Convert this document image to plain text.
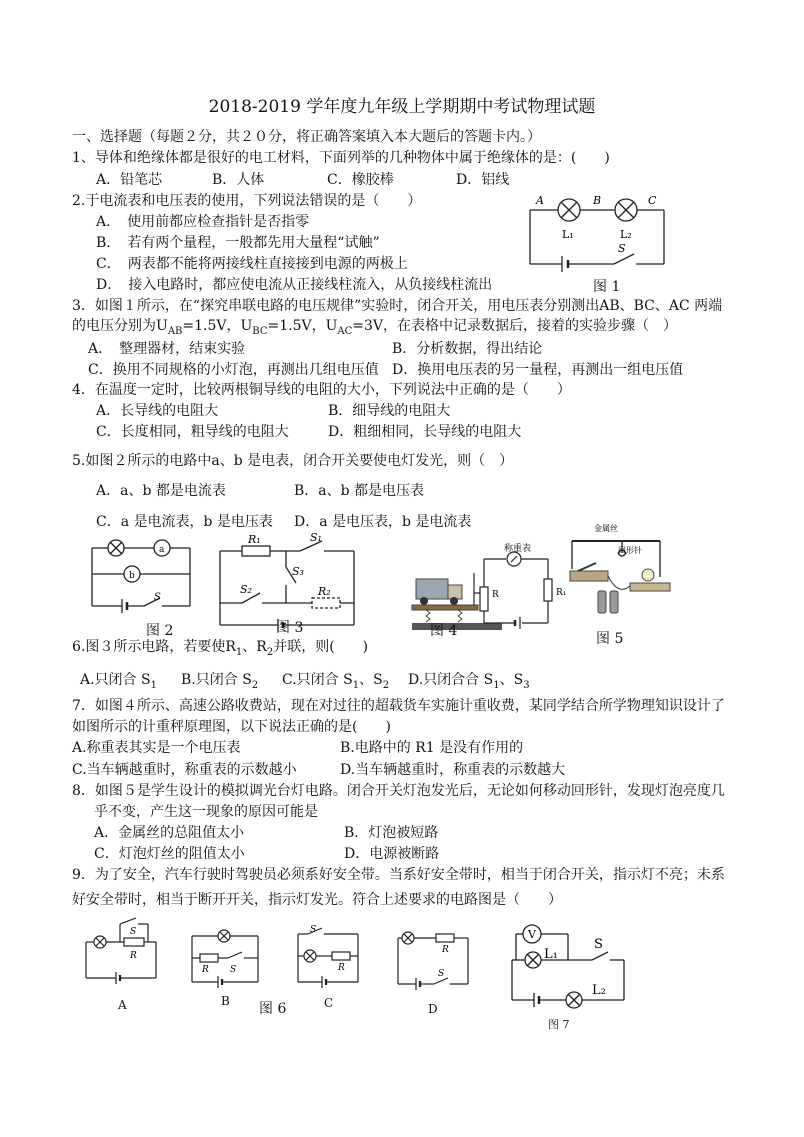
2018-2019 学年度九年级上学期期中考试物理试题
一、选择题（每题２分，共２０分，将正确答案填入本大题后的答题卡内。）
1、导体和绝缘体都是很好的电工材料，下面列举的几种物体中属于绝缘体的是：(　　)
A．铅笔芯	B．人体	C．橡胶棒	D．铝线
2.于电流表和电压表的使用，下列说法错误的是（　　）
A．　使用前都应检查指针是否指零
B．　若有两个量程，一般都先用大量程“试触”
C．　两表都不能将两接线柱直接接到电源的两极上
D．　接入电路时，都应使电流从正接线柱流入，从负接线柱流出
A	B	C
L₁	L₂
S
图 1
3．如图１所示，在“探究串联电路的电压规律”实验时，闭合开关，用电压表分别测出AB、BC、AC 两端
的电压分别为$U_{AB}=1.5V$，$U_{BC}=1.5V$，$U_{AC}=3V$，在表格中记录数据后，接着的实验步骤（　）
A．　整理器材，结束实验	B．分析数据，得出结论
C．换用不同规格的小灯泡，再测出几组电压值 D．换用电压表的另一量程，再测出一组电压值
4．在温度一定时，比较两根铜导线的电阻的大小，下列说法中正确的是（　　）
A．长导线的电阻大	B．细导线的电阻大
C．长度相同，粗导线的电阻大	D．粗细相同，长导线的电阻大
5.如图２所示的电路中a、b 是电表，闭合开关要使电灯发光，则（　）
A．a、b 都是电流表	B．a、b 都是电压表
C．a 是电流表，b 是电压表 D．a 是电压表，b 是电流表
a
b
S
图 2
R₁	S₁
S₃
S₂	R₂
图 3
称重表
R	R₁
图 4
金属丝
回形针
图 5
6.图３所示电路，若要使$R_1$、$R_2$并联，则(　　)
A.只闭合 $S_1$ B.只闭合 $S_2$ C.只闭合 $S_1$、$S_2$ D.只闭合合 $S_1$、$S_3$
7．如图４所示、高速公路收费站，现在对过往的超载货车实施计重收费，某同学结合所学物理知识设计了
如图所示的计重秤原理图，以下说法正确的是(　　)
A.称重表其实是一个电压表	B.电路中的 R1 是没有作用的
C.当车辆越重时，称重表的示数越小	D.当车辆越重时，称重表的示数越大
8．如图５是学生设计的模拟调光台灯电路。闭合开关灯泡发光后，无论如何移动回形针，发现灯泡亮度几
乎不变，产生这一现象的原因可能是
A．金属丝的总阻值太小	B．灯泡被短路
C．灯泡灯丝的阻值太小	D．电源被断路
9．为了安全，汽车行驶时驾驶员必须系好安全带。当系好安全带时，相当于闭合开关，指示灯不亮；未系
好安全带时，相当于断开开关，指示灯发光。符合上述要求的电路图是（　　）
S
R
A
R S
B 图 6
S
R
C
R
S
D
V
L₁
S
L₂
图 7
